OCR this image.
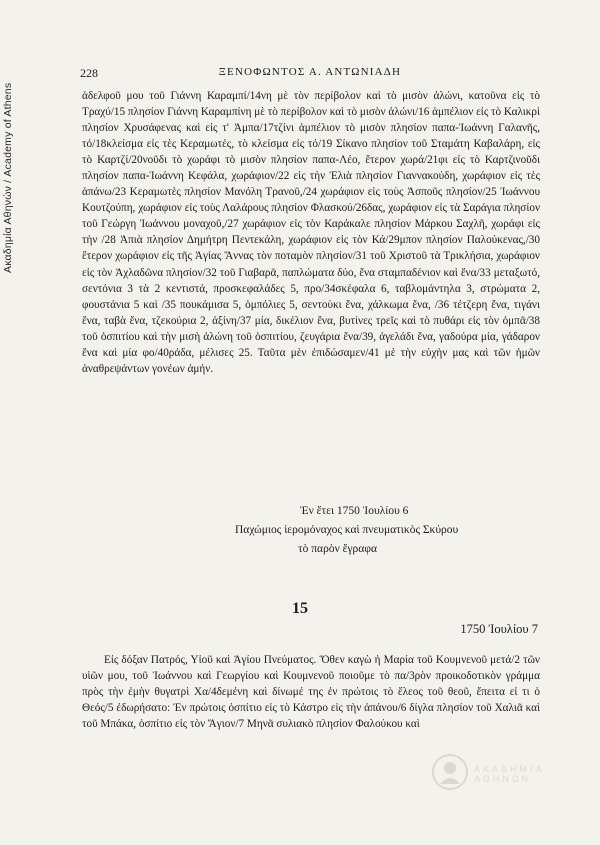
Ακαδημία Αθηνών / Academy of Athens
228	ΞΕΝΟΦΩΝΤΟΣ Α. ΑΝΤΩΝΙΑΔΗ

ἀδελφοῦ μου τοῦ Γιάννη Καραμπί/14νη μὲ τὸν περίβολον καὶ τὸ μισὸν ἀλώνι, κατοῦνα εἰς τὸ Τραχύ/15 πλησίον Γιάννη Καραμπίνη μὲ τὸ περίβολον καὶ τὸ μισὸν ἀλώνι/16 ἀμπέλιον εἰς τὸ Καλικρὶ πλησίον Χρυσάφενας καὶ εἰς τ' Ἀμπα/17τζίνι ἀμπέλιον τὸ μισὸν πλησίον παπα-Ἰωάννη Γαλανῆς, τό/18κλείσμα εἰς τὲς Κεραμωτές, τὸ κλείσμα εἰς τό/19 Σίκανο πλησίον τοῦ Σταμάτη Καβαλάρη, εἰς τὸ Καρτζί/20νοῦδι τὸ χωράφι τὸ μισὸν πλησίον παπα-Λέο, ἕτερον χωρά/21φι εἰς τὸ Καρτζινοῦδι πλησίον παπα-Ἰωάννη Κεφάλα, χωράφιον/22 εἰς τὴν Ἐλιὰ πλησίον Γιαννακούδη, χωράφιον εἰς τὲς ἀπάνω/23 Κεραμωτὲς πλησίον Μανόλη Τρανοῦ,/24 χωράφιον εἰς τοὺς Ἀσποῦς πλησίον/25 Ἰωάννου Κουτζούπη, χωράφιον εἰς τοὺς Λαλάρους πλησίον Φλασκού/26δας, χωράφιον εἰς τὰ Σαράγια πλησίον τοῦ Γεώργη Ἰωάννου μοναχοῦ,/27 χωράφιον εἰς τὸν Καράκαλε πλησίον Μάρκου Σαχλῆ, χωράφι εἰς τὴν /28 Ἀπιὰ πλησίον Δημήτρη Πεντεκάλη, χωράφιον εἰς τὸν Κά/29μπον πλησίον Παλούκενας,/30 ἕτερον χωράφιον εἰς τῆς Ἁγίας Ἄννας τὸν ποταμὸν πλησίον/31 τοῦ Χριστοῦ τὰ Τρικλήσια, χωράφιον εἰς τὸν Ἀχλαδῶνα πλησίον/32 τοῦ Γιαβαρᾶ, παπλώματα δύο, ἕνα σταμπαδένιον καὶ ἕνα/33 μεταξωτό, σεντόνια 3 τὰ 2 κεντιστά, προσκεφαλάδες 5, προ/34σκέφαλα 6, ταβλομάντηλα 3, στρώματα 2, φουστάνια 5 καὶ /35 πουκάμισα 5, ὁμπόλιες 5, σεντοὺκι ἕνα, χάλκωμα ἕνα, /36 τέτζερη ἕνα, τιγάνι ἕνα, ταβὰ ἕνα, τζεκούρια 2, ἀξίνη/37 μία, δικέλιον ἕνα, βυτίνες τρεῖς καὶ τὸ πυθάρι εἰς τὸν ὀμπᾶ/38 τοῦ ὀσπιτίου καὶ τὴν μισὴ ἀλώνη τοῦ ὀσπιτίου, ζευγάρια ἕνα/39, ἀγελάδι ἕνα, γαδούρα μία, γάδαρον ἕνα καὶ μία φο/40ράδα, μέλισες 25. Ταῦτα μὲν ἐπιδώσαμεν/41 μὲ τὴν εὐχὴν μας καὶ τῶν ἡμῶν ἀναθρεψάντων γονέων ἀμήν.

Ἐν ἔτει 1750 Ἰουλίου 6
Παχώμιος ἱερομόναχος καὶ πνευματικὸς Σκύρου
τὸ παρὸν ἔγραφα
15
1750 Ἰουλίου 7

Εἰς δόξαν Πατρός, Υἱοῦ καὶ Ἁγίου Πνεύματος. Ὅθεν καγὼ ἡ Μαρία τοῦ Κουμνενοῦ μετά/2 τῶν υἱῶν μου, τοῦ Ἰωάννου καὶ Γεωργίου καὶ Κουμνενοῦ ποιοῦμε τὸ πα/3ρὸν προικοδοτικὸν γράμμα πρὸς τὴν ἐμὴν θυγατρὶ Χα/4δεμένη καὶ δίνωμέ της ἐν πρώτοις τὸ ἔλεος τοῦ θεοῦ, ἔπειτα εἰ τι ὁ Θεός/5 ἐδωρήσατο: Ἐν πρώτοις ὀσπίτιο εἰς τὸ Κάστρο εἰς τὴν ἀπάνου/6 δίγλα πλησίον τοῦ Χαλιᾶ καὶ τοῦ Μπάκα, ὀσπίτιο εἰς τὸν Ἅγιον/7 Μηνᾶ συλιακὸ πλησίον Φαλούκου καὶ

ΑΚΑΔΗΜΙΑ ΑΘΗΝΩΝ
